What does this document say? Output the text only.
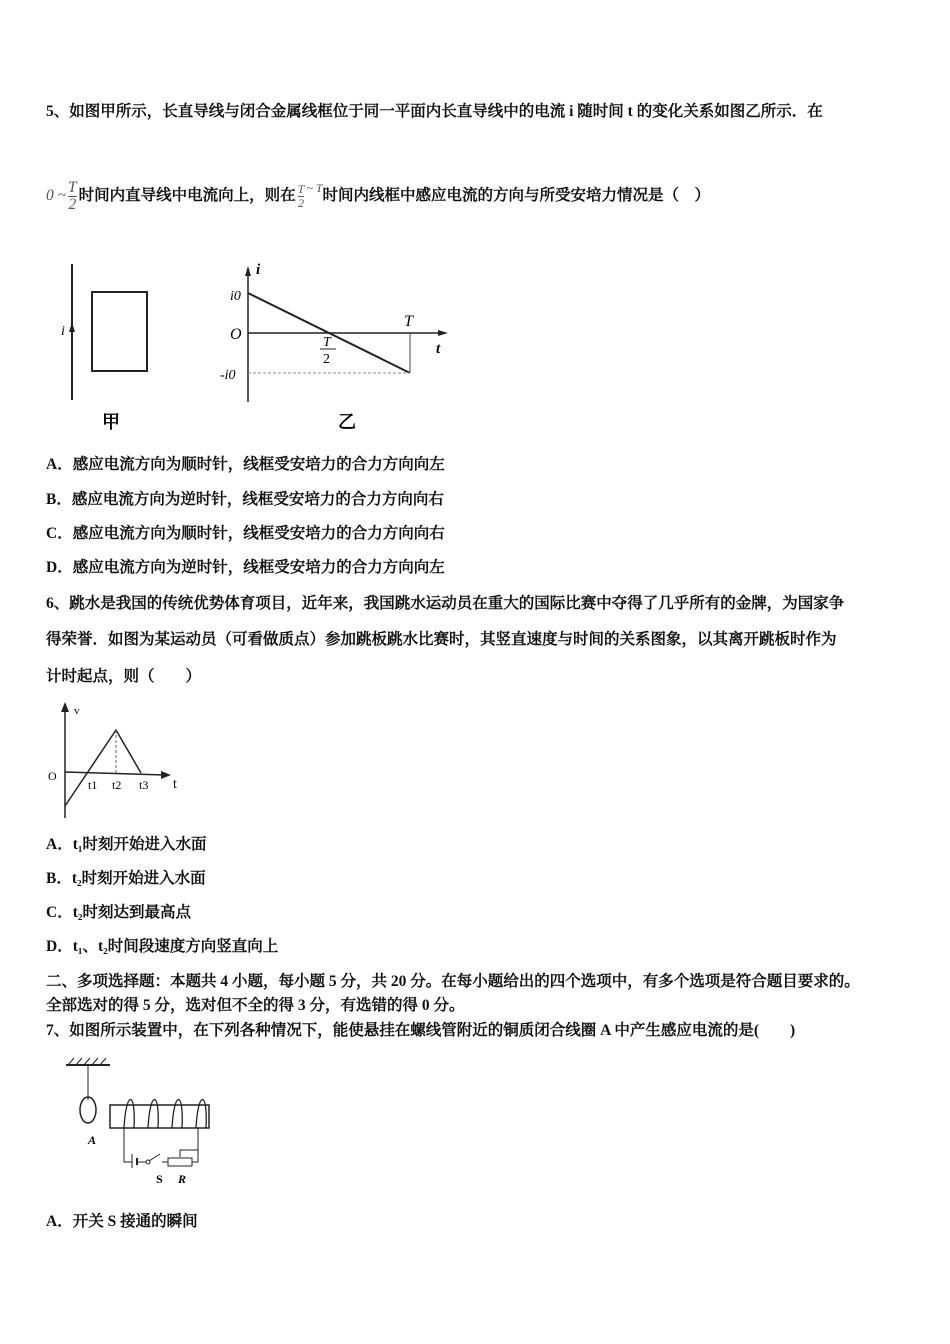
5、如图甲所示，长直导线与闭合金属线框位于同一平面内长直导线中的电流 i 随时间 t 的变化关系如图乙所示．在
0 ~ $\frac{T}{2}$ 时间内直导线中电流向上，则在 $\frac{T}{2} ^{\sim T}$时间内线框中感应电流的方向与所受安培力情况是（　）
i
甲
i
i0
O
-i0
T
t
T
2
乙
A．感应电流方向为顺时针，线框受安培力的合力方向向左
B．感应电流方向为逆时针，线框受安培力的合力方向向右
C．感应电流方向为顺时针，线框受安培力的合力方向向右
D．感应电流方向为逆时针，线框受安培力的合力方向向左
6、跳水是我国的传统优势体育项目，近年来，我国跳水运动员在重大的国际比赛中夺得了几乎所有的金牌，为国家争
得荣誉．如图为某运动员（可看做质点）参加跳板跳水比赛时，其竖直速度与时间的关系图象，以其离开跳板时作为
计时起点，则（　　）
v
O
t1 t2 t3 t
A．t₁时刻开始进入水面
B．t₂时刻开始进入水面
C．t₂时刻达到最高点
D．t₁、t₂时间段速度方向竖直向上
二、多项选择题：本题共 4 小题，每小题 5 分，共 20 分。在每小题给出的四个选项中，有多个选项是符合题目要求的。
全部选对的得 5 分，选对但不全的得 3 分，有选错的得 0 分。
7、如图所示装置中，在下列各种情况下，能使悬挂在螺线管附近的铜质闭合线圈 A 中产生感应电流的是(　　)
A
S R
A．开关 S 接通的瞬间
